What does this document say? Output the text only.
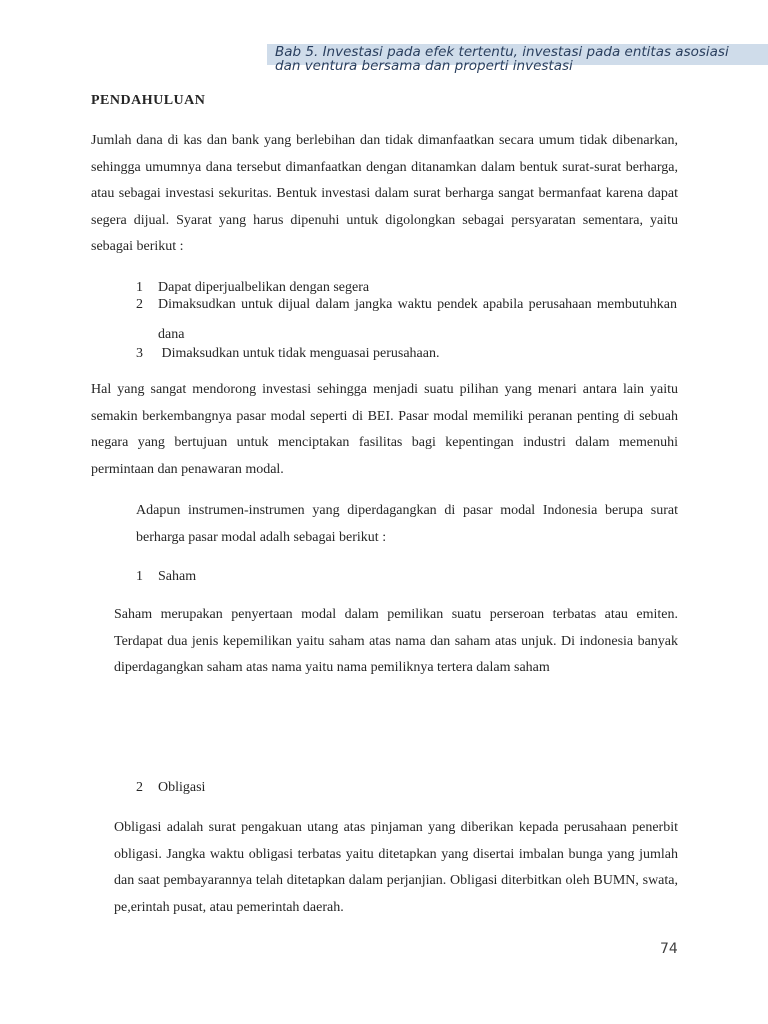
Bab 5. Investasi pada efek tertentu, investasi pada entitas asosiasi
dan ventura bersama dan properti investasi
PENDAHULUAN

Jumlah dana di kas dan bank yang berlebihan dan tidak dimanfaatkan secara umum tidak dibenarkan, sehingga umumnya dana tersebut dimanfaatkan dengan ditanamkan dalam bentuk surat-surat berharga, atau sebagai investasi sekuritas. Bentuk investasi dalam surat berharga sangat bermanfaat karena dapat segera dijual. Syarat yang harus dipenuhi untuk digolongkan sebagai persyaratan sementara, yaitu sebagai berikut :

1 Dapat diperjualbelikan dengan segera
2 Dimaksudkan untuk dijual dalam jangka waktu pendek apabila perusahaan membutuhkan dana
3 Dimaksudkan untuk tidak menguasai perusahaan.

Hal yang sangat mendorong investasi sehingga menjadi suatu pilihan yang menari antara lain yaitu semakin berkembangnya pasar modal seperti di BEI. Pasar modal memiliki peranan penting di sebuah negara yang bertujuan untuk menciptakan fasilitas bagi kepentingan industri dalam memenuhi permintaan dan penawaran modal.

Adapun instrumen-instrumen yang diperdagangkan di pasar modal Indonesia berupa surat berharga pasar modal adalh sebagai berikut :

1 Saham

Saham merupakan penyertaan modal dalam pemilikan suatu perseroan terbatas atau emiten. Terdapat dua jenis kepemilikan yaitu saham atas nama dan saham atas unjuk. Di indonesia banyak diperdagangkan saham atas nama yaitu nama pemiliknya tertera dalam saham

2 Obligasi

Obligasi adalah surat pengakuan utang atas pinjaman yang diberikan kepada perusahaan penerbit obligasi. Jangka waktu obligasi terbatas yaitu ditetapkan yang disertai imbalan bunga yang jumlah dan saat pembayarannya telah ditetapkan dalam perjanjian. Obligasi diterbitkan oleh BUMN, swata, pe,erintah pusat, atau pemerintah daerah.

74
